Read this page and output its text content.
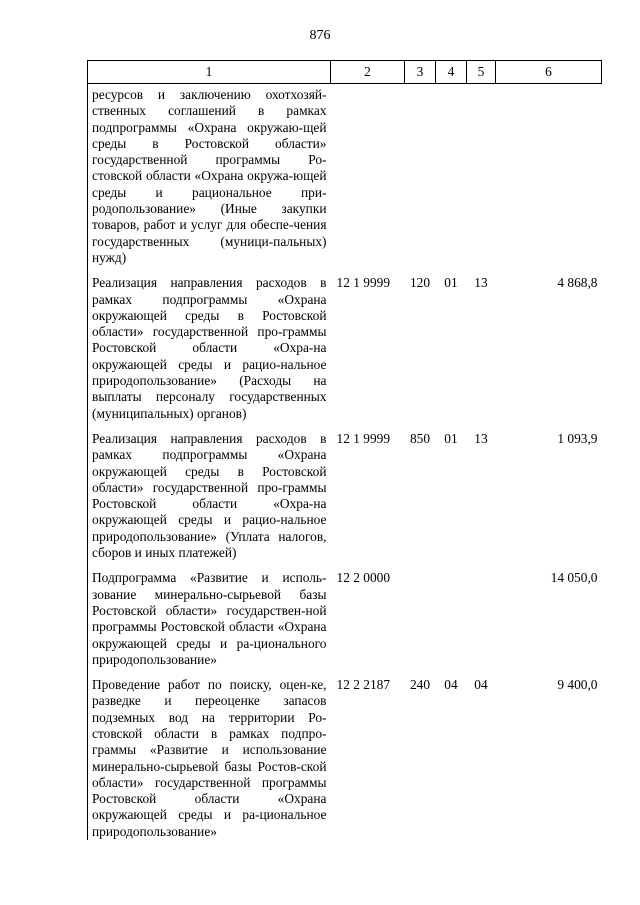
876
1	2	3	4	5	6
ресурсов и заключению охотхозяй-ственных соглашений в рамках подпрограммы «Охрана окружаю-щей среды в Ростовской области» государственной программы Ро-стовской области «Охрана окружа-ющей среды и рациональное при-родопользование» (Иные закупки товаров, работ и услуг для обеспе-чения государственных (муници-пальных) нужд)					

Реализация направления расходов в рамках подпрограммы «Охрана окружающей среды в Ростовской области» государственной про-граммы Ростовской области «Охра-на окружающей среды и рацио-нальное природопользование» (Расходы на выплаты персоналу государственных (муниципальных) органов)	12 1 9999	120	01	13	4 868,8

Реализация направления расходов в рамках подпрограммы «Охрана окружающей среды в Ростовской области» государственной про-граммы Ростовской области «Охра-на окружающей среды и рацио-нальное природопользование» (Уплата налогов, сборов и иных платежей)	12 1 9999	850	01	13	1 093,9

Подпрограмма «Развитие и исполь-зование минерально-сырьевой базы Ростовской области» государствен-ной программы Ростовской области «Охрана окружающей среды и ра-ционального природопользование»	12 2 0000				14 050,0

Проведение работ по поиску, оцен-ке, разведке и переоценке запасов подземных вод на территории Ро-стовской области в рамках подпро-граммы «Развитие и использование минерально-сырьевой базы Ростов-ской области» государственной программы Ростовской области «Охрана окружающей среды и ра-циональное природопользование»	12 2 2187	240	04	04	9 400,0
